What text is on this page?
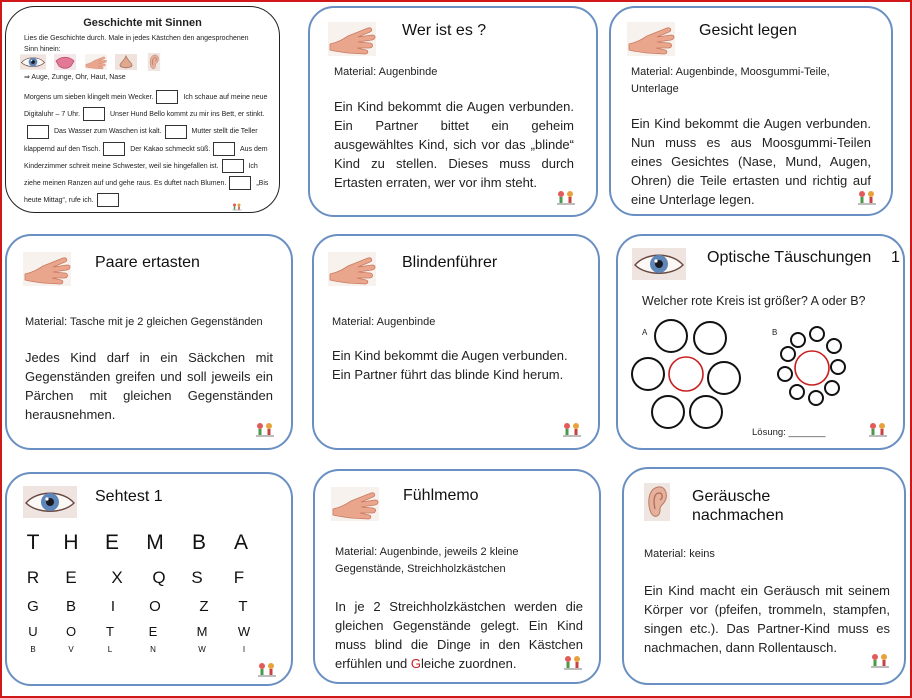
Geschichte mit Sinnen
Lies die Geschichte durch. Male in jedes Kästchen den angesprochenen Sinn hinein:

⇒ Auge, Zunge, Ohr, Haut, Nase
Morgens um sieben klingelt mein Wecker.	Ich schaue auf meine neue Digitaluhr – 7 Uhr.	Unser Hund Bello kommt zu mir ins Bett, er stinkt. Das Wasser zum Waschen ist kalt.	Mutter stellt die Teller klappernd auf den Tisch.	Der Kakao schmeckt süß.	Aus dem Kinderzimmer schreit meine Schwester, weil sie hingefallen ist.	Ich ziehe meinen Ranzen auf und gehe raus. Es duftet nach Blumen.	„Bis heute Mittag“, rufe ich.
Wer ist es ?
Material: Augenbinde
Ein Kind bekommt die Augen verbunden. Ein Partner bittet ein geheim ausgewähltes Kind, sich vor das „blinde“ Kind zu stellen. Dieses muss durch Ertasten erraten, wer vor ihm steht.
Gesicht legen
Material: Augenbinde, Moosgummi-Teile, Unterlage
Ein Kind bekommt die Augen verbunden. Nun muss es aus Moosgummi-Teilen eines Gesichtes (Nase, Mund, Augen, Ohren) die Teile ertasten und richtig auf eine Unterlage legen.
Paare ertasten
Material: Tasche mit je 2 gleichen Gegenständen
Jedes Kind darf in ein Säckchen mit Gegenständen greifen und soll jeweils ein Pärchen mit gleichen Gegenständen herausnehmen.
Blindenführer
Material: Augenbinde
Ein Kind bekommt die Augen verbunden. Ein Partner führt das blinde Kind herum.
Optische Täuschungen 1
Welcher rote Kreis ist größer? A oder B?
A	B
Lösung: _______
Sehtest 1
T H E M B A
R E X Q S F
G	B	I	O	Z	T
U	O	T	E	M	W
B	V	L	N	W	I
Fühlmemo
Material: Augenbinde, jeweils 2 kleine Gegenstände, Streichholzkästchen
In je 2 Streichholzkästchen werden die gleichen Gegenstände gelegt. Ein Kind muss blind die Dinge in den Kästchen erfühlen und Gleiche zuordnen.
Geräusche
nachmachen
Material: keins
Ein Kind macht ein Geräusch mit seinem Körper vor (pfeifen, trommeln, stampfen, singen etc.). Das Partner-Kind muss es nachmachen, dann Rollentausch.
